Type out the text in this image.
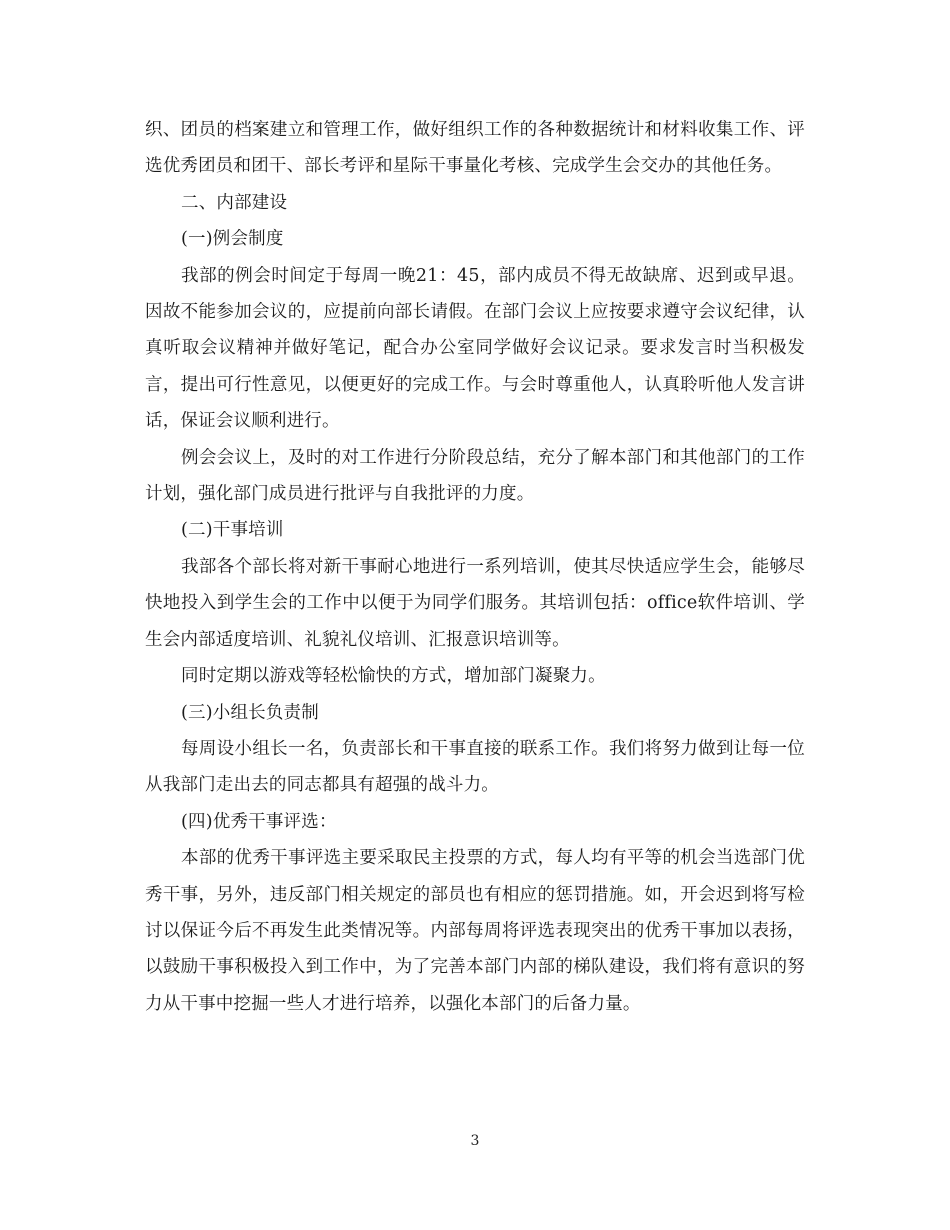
织、团员的档案建立和管理工作，做好组织工作的各种数据统计和材料收集工作、评选优秀团员和团干、部长考评和星际干事量化考核、完成学生会交办的其他任务。

二、内部建设

(一)例会制度

我部的例会时间定于每周一晚21：45，部内成员不得无故缺席、迟到或早退。因故不能参加会议的，应提前向部长请假。在部门会议上应按要求遵守会议纪律，认真听取会议精神并做好笔记，配合办公室同学做好会议记录。要求发言时当积极发言，提出可行性意见，以便更好的完成工作。与会时尊重他人，认真聆听他人发言讲话，保证会议顺利进行。

例会会议上，及时的对工作进行分阶段总结，充分了解本部门和其他部门的工作计划，强化部门成员进行批评与自我批评的力度。

(二)干事培训

我部各个部长将对新干事耐心地进行一系列培训，使其尽快适应学生会，能够尽快地投入到学生会的工作中以便于为同学们服务。其培训包括：office软件培训、学生会内部适度培训、礼貌礼仪培训、汇报意识培训等。

同时定期以游戏等轻松愉快的方式，增加部门凝聚力。

(三)小组长负责制

每周设小组长一名，负责部长和干事直接的联系工作。我们将努力做到让每一位从我部门走出去的同志都具有超强的战斗力。

(四)优秀干事评选：

本部的优秀干事评选主要采取民主投票的方式，每人均有平等的机会当选部门优秀干事，另外，违反部门相关规定的部员也有相应的惩罚措施。如，开会迟到将写检讨以保证今后不再发生此类情况等。内部每周将评选表现突出的优秀干事加以表扬，以鼓励干事积极投入到工作中，为了完善本部门内部的梯队建设，我们将有意识的努力从干事中挖掘一些人才进行培养，以强化本部门的后备力量。

3
